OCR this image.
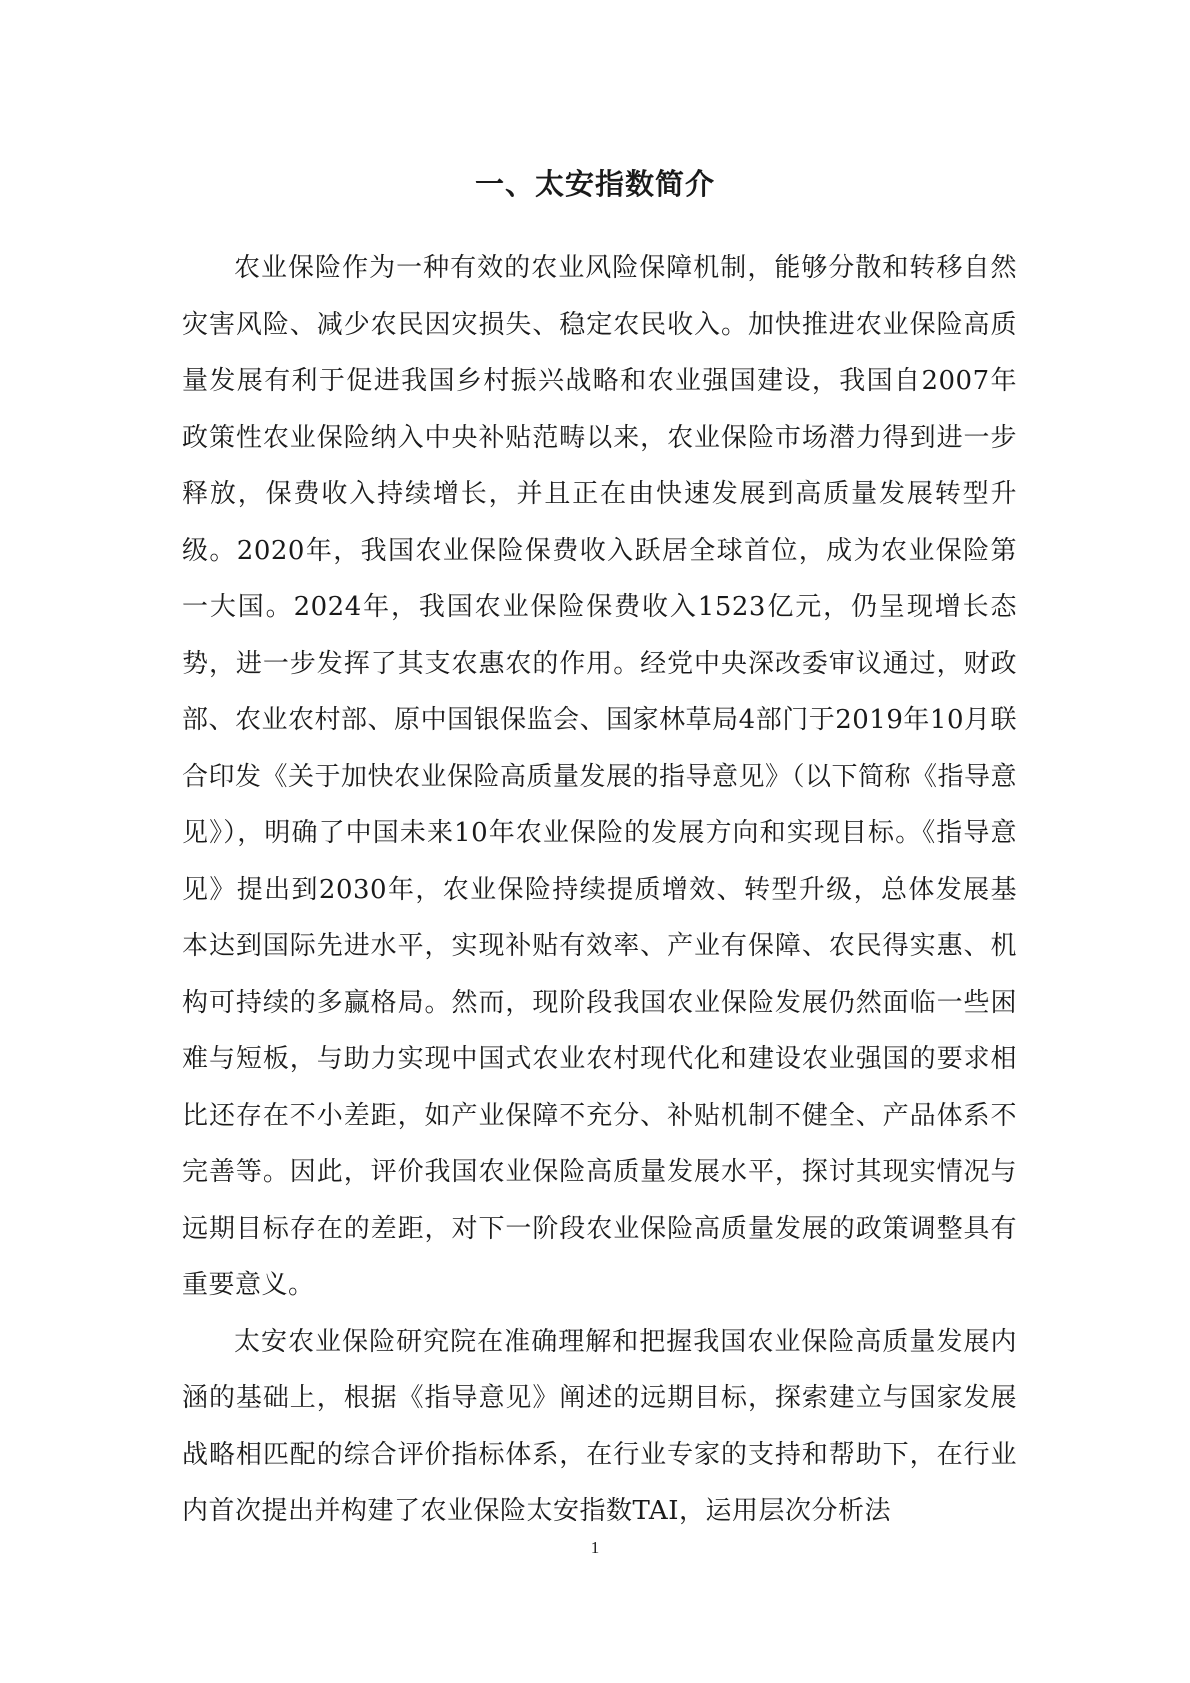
一、太安指数简介

农业保险作为一种有效的农业风险保障机制，能够分散和转移自然灾害风险、减少农民因灾损失、稳定农民收入。加快推进农业保险高质量发展有利于促进我国乡村振兴战略和农业强国建设，我国自2007年政策性农业保险纳入中央补贴范畴以来，农业保险市场潜力得到进一步释放，保费收入持续增长，并且正在由快速发展到高质量发展转型升级。2020年，我国农业保险保费收入跃居全球首位，成为农业保险第一大国。2024年，我国农业保险保费收入1523亿元，仍呈现增长态势，进一步发挥了其支农惠农的作用。经党中央深改委审议通过，财政部、农业农村部、原中国银保监会、国家林草局4部门于2019年10月联合印发《关于加快农业保险高质量发展的指导意见》（以下简称《指导意见》），明确了中国未来10年农业保险的发展方向和实现目标。《指导意见》提出到2030年，农业保险持续提质增效、转型升级，总体发展基本达到国际先进水平，实现补贴有效率、产业有保障、农民得实惠、机构可持续的多赢格局。然而，现阶段我国农业保险发展仍然面临一些困难与短板，与助力实现中国式农业农村现代化和建设农业强国的要求相比还存在不小差距，如产业保障不充分、补贴机制不健全、产品体系不完善等。因此，评价我国农业保险高质量发展水平，探讨其现实情况与远期目标存在的差距，对下一阶段农业保险高质量发展的政策调整具有重要意义。

太安农业保险研究院在准确理解和把握我国农业保险高质量发展内涵的基础上，根据《指导意见》阐述的远期目标，探索建立与国家发展战略相匹配的综合评价指标体系，在行业专家的支持和帮助下，在行业内首次提出并构建了农业保险太安指数TAI，运用层次分析法

1
